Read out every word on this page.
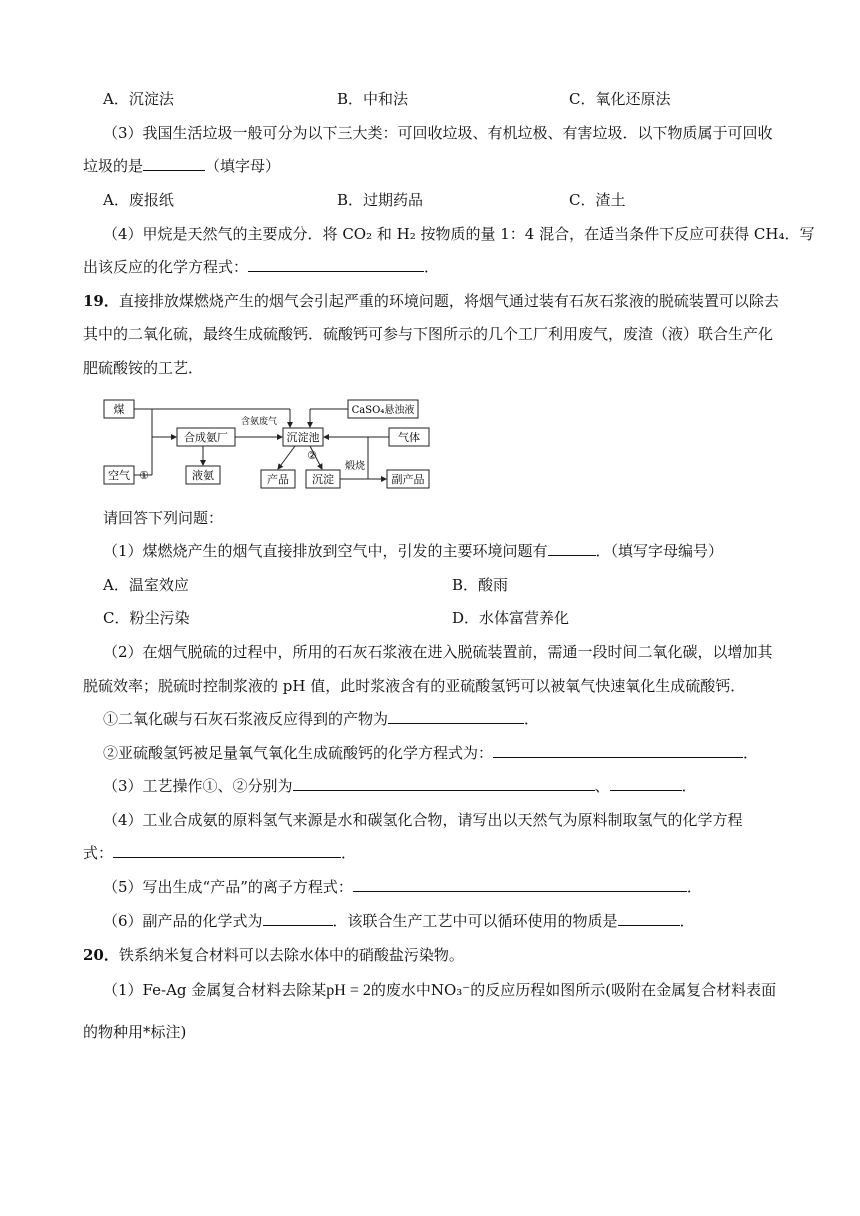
A．沉淀法	B．中和法	C．氧化还原法
（3）我国生活垃圾一般可分为以下三大类：可回收垃圾、有机垃极、有害垃圾．以下物质属于可回收
垃圾的是	（填字母）
A．废报纸	B．过期药品	C．渣土
（4）甲烷是天然气的主要成分．将 CO₂ 和 H₂ 按物质的量 1：4 混合，在适当条件下反应可获得 CH₄．写
出该反应的化学方程式：	．
19．直接排放煤燃烧产生的烟气会引起严重的环境问题，将烟气通过装有石灰石浆液的脱硫装置可以除去
其中的二氧化硫，最终生成硫酸钙．硫酸钙可参与下图所示的几个工厂利用废气，废渣（液）联合生产化
肥硫酸铵的工艺．
煤
合成氨厂	沉淀池
CaSO₄悬浊液
气体
空气 ①	液氨
②
产品 沉淀
煅烧
副产品
含氨废气
请回答下列问题：
（1）煤燃烧产生的烟气直接排放到空气中，引发的主要环境问题有	．（填写字母编号）
A．温室效应	B．酸雨
C．粉尘污染	D．水体富营养化
（2）在烟气脱硫的过程中，所用的石灰石浆液在进入脱硫装置前，需通一段时间二氧化碳，以增加其
脱硫效率；脱硫时控制浆液的 pH 值，此时浆液含有的亚硫酸氢钙可以被氧气快速氧化生成硫酸钙．
①二氧化碳与石灰石浆液反应得到的产物为	．
②亚硫酸氢钙被足量氧气氧化生成硫酸钙的化学方程式为：	．
（3）工艺操作①、②分别为	、	．
（4）工业合成氨的原料氢气来源是水和碳氢化合物，请写出以天然气为原料制取氢气的化学方程
式：	．
（5）写出生成“产品”的离子方程式：	．
（6）副产品的化学式为	．该联合生产工艺中可以循环使用的物质是	．
20．铁系纳米复合材料可以去除水体中的硝酸盐污染物。
（1）Fe-Ag 金属复合材料去除某pH = 2的废水中NO₃⁻的反应历程如图所示(吸附在金属复合材料表面
的物种用*标注)
